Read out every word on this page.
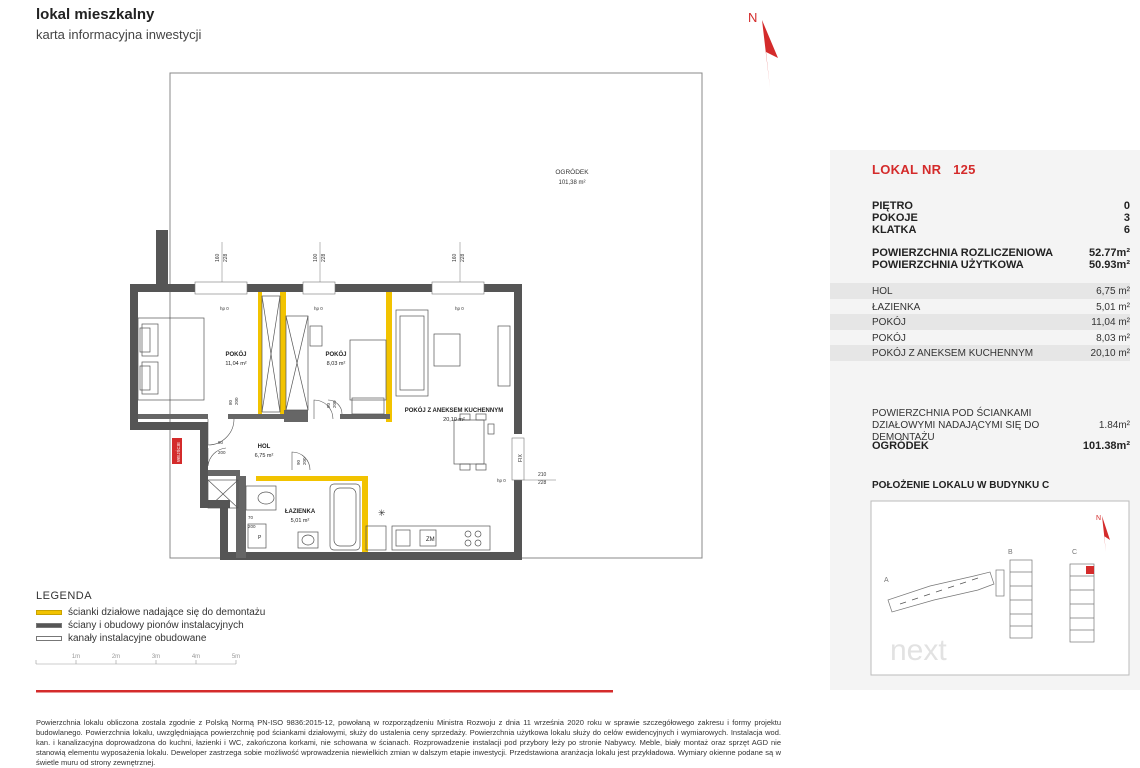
lokal mieszkalny
karta informacyjna inwestycji
N
OGRÓDEK
101,38 m²
160 228	100 228	160 228
hp 0	hp 0	hp 0
hp 0
80 200
80 200
90 200
80
200
70
200
210
228
FIX
POKÓJ
11,04 m²
POKÓJ
8,03 m²
POKÓJ Z ANEKSEM KUCHENNYM
20,10 m²
HOL
6,75 m²
ŁAZIENKA
5,01 m²
ZM
P
✳
WEJŚCIE
1m	2m	3m	4m	5m
LEGENDA
ścianki działowe nadające się do demontażu
ściany i obudowy pionów instalacyjnych
kanały instalacyjne obudowane
Powierzchnia lokalu obliczona zostala zgodnie z Polską Normą PN-ISO 9836:2015-12, powołaną w rozporządzeniu Ministra Rozwoju z dnia 11 września 2020 roku w sprawie szczegółowego zakresu i formy projektu budowlanego. Powierzchnia lokalu, uwzględniająca powierzchnię pod ściankami działowymi, służy do ustalenia ceny sprzedaży. Powierzchnia użytkowa lokalu służy do celów ewidencyjnych i wymiarowych. Instalacja wod. kan. i kanalizacyjna doprowadzona do kuchni, łazienki i WC, zakończona korkami, nie schowana w ścianach. Rozprowadzenie instalacji pod przybory leży po stronie Nabywcy. Meble, biały montaż oraz sprzęt AGD nie stanowią elementu wyposażenia lokalu. Deweloper zastrzega sobie możliwość wprowadzenia niewielkich zmian w dalszym etapie inwestycji. Przedstawiona aranżacja lokalu jest przykładowa. Wymiary okienne podane są w świetle muru od strony zewnętrznej.
LOKAL NR 125
PIĘTRO	0
POKOJE	3
KLATKA	6
POWIERZCHNIA ROZLICZENIOWA	52.77m²
POWIERZCHNIA UŻYTKOWA	50.93m²
HOL	6,75 m²
ŁAZIENKA	5,01 m²
POKÓJ	11,04 m²
POKÓJ	8,03 m²
POKÓJ Z ANEKSEM KUCHENNYM	20,10 m²
POWIERZCHNIA POD ŚCIANKAMI DZIAŁOWYMI NADAJĄCYMI SIĘ DO DEMONTAŻU
1.84m²
OGRÓDEK	101.38m²
POŁOŻENIE LOKALU W BUDYNKU C
N
A
B	C
next
